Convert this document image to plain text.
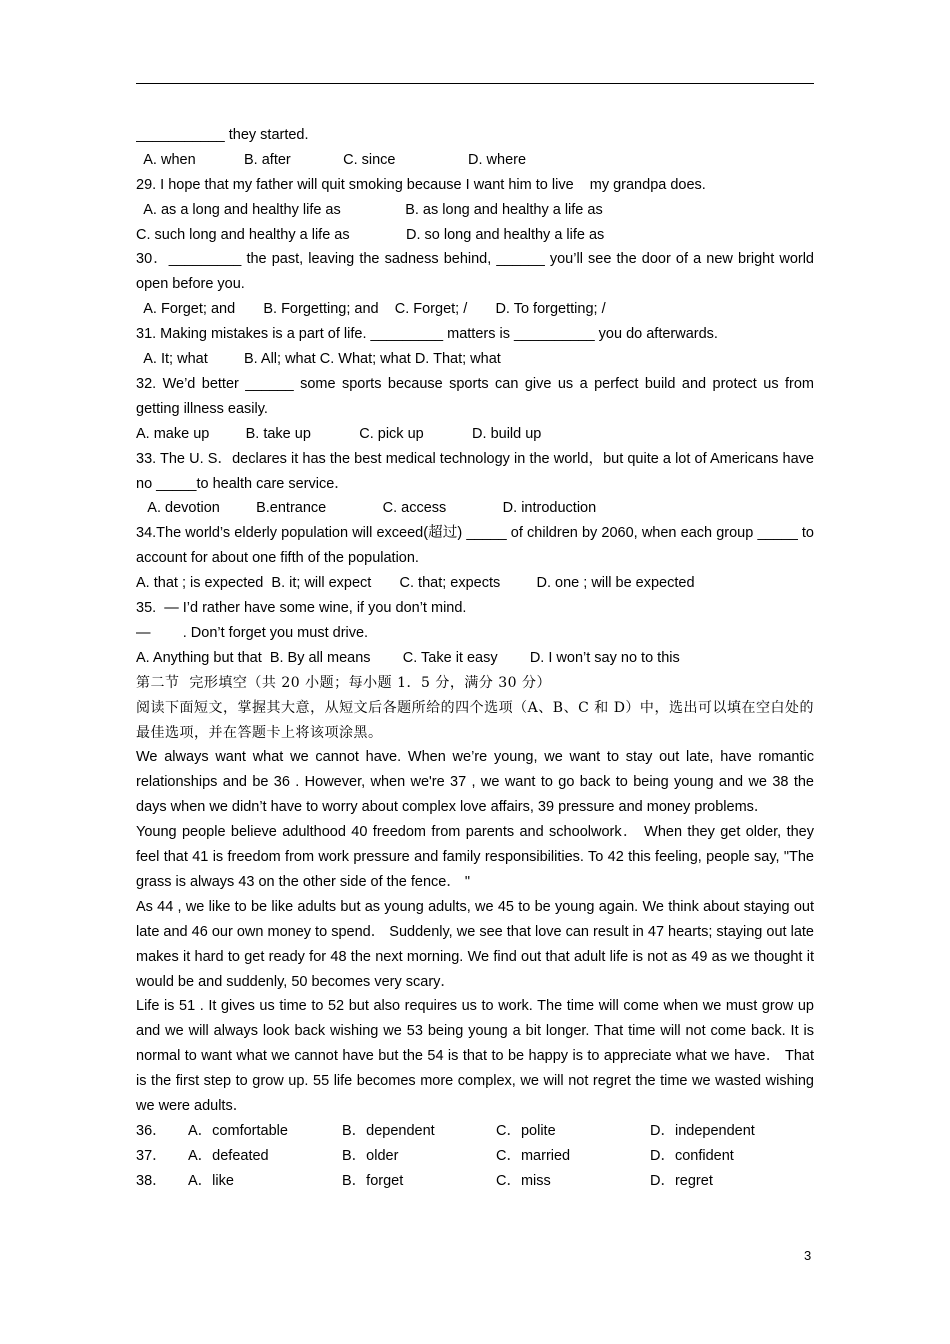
___________ they started.
A. when            B. after             C. since                  D. where
29. I hope that my father will quit smoking because I want him to live    my grandpa does.
A. as a long and healthy life as                B. as long and healthy a life as
C. such long and healthy a life as              D. so long and healthy a life as
30．_________ the past, leaving the sadness behind, ______ you’ll see the door of a new bright world open before you.
A. Forget; and       B. Forgetting; and    C. Forget; /       D. To forgetting; /
31. Making mistakes is a part of life. _________ matters is __________ you do afterwards.
A. It; what         B. All; what C. What; what D. That; what
32. We’d better ______ some sports because sports can give us a perfect build and protect us from getting illness easily.
A. make up         B. take up            C. pick up            D. build up
33. The U. S．declares it has the best medical technology in the world，but quite a lot of Americans have no _____to health care service．
A. devotion         B.entrance              C. access              D. introduction
34.The world’s elderly population will exceed(超过) _____ of children by 2060, when each group _____ to account for about one fifth of the population.
A. that ; is expected  B. it; will expect       C. that; expects         D. one ; will be expected
35.  — I’d rather have some wine, if you don’t mind.
—        . Don’t forget you must drive.
A. Anything but that  B. By all means        C. Take it easy        D. I won’t say no to this
第二节  完形填空（共 20 小题；每小题 1．5 分，满分 30 分）
阅读下面短文，掌握其大意，从短文后各题所给的四个选项（A、B、C 和 D）中，选出可以填在空白处的最佳选项，并在答题卡上将该项涂黑。
We always want what we cannot have. When we’re young, we want to stay out late, have romantic relationships and be 36 . However, when we're 37 , we want to go back to being young and we 38 the days when we didn’t have to worry about complex love affairs, 39 pressure and money problems．
Young people believe adulthood 40 freedom from parents and schoolwork． When they get older, they feel that 41 is freedom from work pressure and family responsibilities. To 42 this feeling, people say, "The grass is always 43 on the other side of the fence． "
As 44 , we like to be like adults but as young adults, we 45 to be young again. We think about staying out late and 46 our own money to spend． Suddenly, we see that love can result in 47 hearts; staying out late makes it hard to get ready for 48 the next morning. We find out that adult life is not as 49 as we thought it would be and suddenly, 50 becomes very scary．
Life is 51 . It gives us time to 52 but also requires us to work. The time will come when we must grow up and we will always look back wishing we 53 being young a bit longer. That time will not come back. It is normal to want what we cannot have but the 54 is that to be happy is to appreciate what we have． That is the first step to grow up. 55 life becomes more complex, we will not regret the time we wasted wishing we were adults．
36．	A．comfortable	B．dependent	C．polite	D．independent
37．	A．defeated	B．older	C．married	D．confident
38．	A．like	B．forget	C．miss	D．regret
3
